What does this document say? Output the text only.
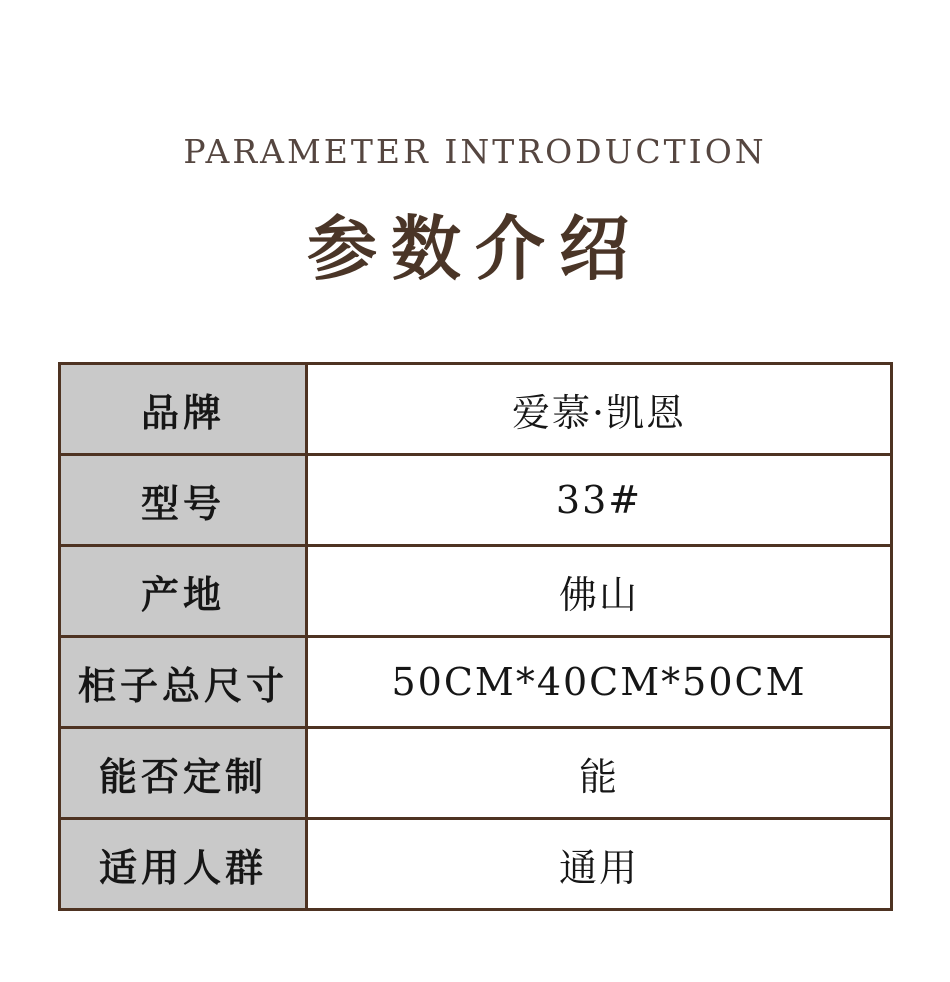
PARAMETER INTRODUCTION
参数介绍
品牌	爱慕·凯恩
型号	33#
产地	佛山
柜子总尺寸	50CM*40CM*50CM
能否定制	能
适用人群	通用
